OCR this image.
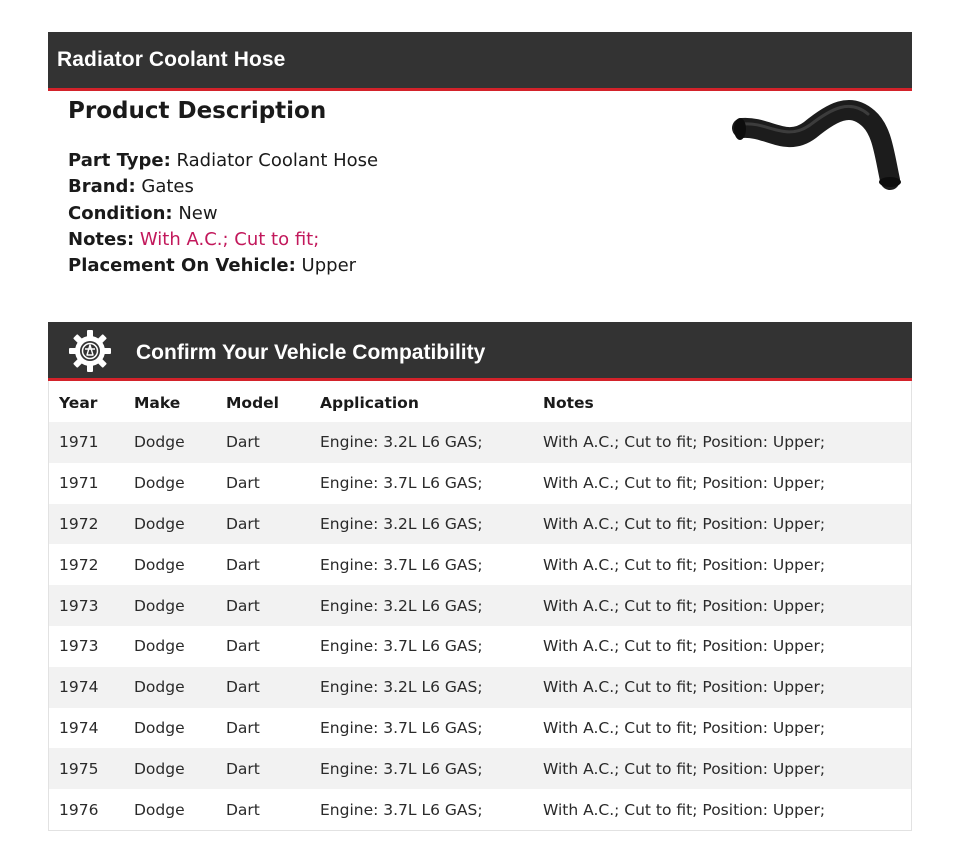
Radiator Coolant Hose
Product Description
Part Type: Radiator Coolant Hose
Brand: Gates
Condition: New
Notes: With A.C.; Cut to fit;
Placement On Vehicle: Upper
Confirm Your Vehicle Compatibility
Year	Make	Model	Application	Notes
1971	Dodge	Dart	Engine: 3.2L L6 GAS;	With A.C.; Cut to fit; Position: Upper;
1971	Dodge	Dart	Engine: 3.7L L6 GAS;	With A.C.; Cut to fit; Position: Upper;
1972	Dodge	Dart	Engine: 3.2L L6 GAS;	With A.C.; Cut to fit; Position: Upper;
1972	Dodge	Dart	Engine: 3.7L L6 GAS;	With A.C.; Cut to fit; Position: Upper;
1973	Dodge	Dart	Engine: 3.2L L6 GAS;	With A.C.; Cut to fit; Position: Upper;
1973	Dodge	Dart	Engine: 3.7L L6 GAS;	With A.C.; Cut to fit; Position: Upper;
1974	Dodge	Dart	Engine: 3.2L L6 GAS;	With A.C.; Cut to fit; Position: Upper;
1974	Dodge	Dart	Engine: 3.7L L6 GAS;	With A.C.; Cut to fit; Position: Upper;
1975	Dodge	Dart	Engine: 3.7L L6 GAS;	With A.C.; Cut to fit; Position: Upper;
1976	Dodge	Dart	Engine: 3.7L L6 GAS;	With A.C.; Cut to fit; Position: Upper;
